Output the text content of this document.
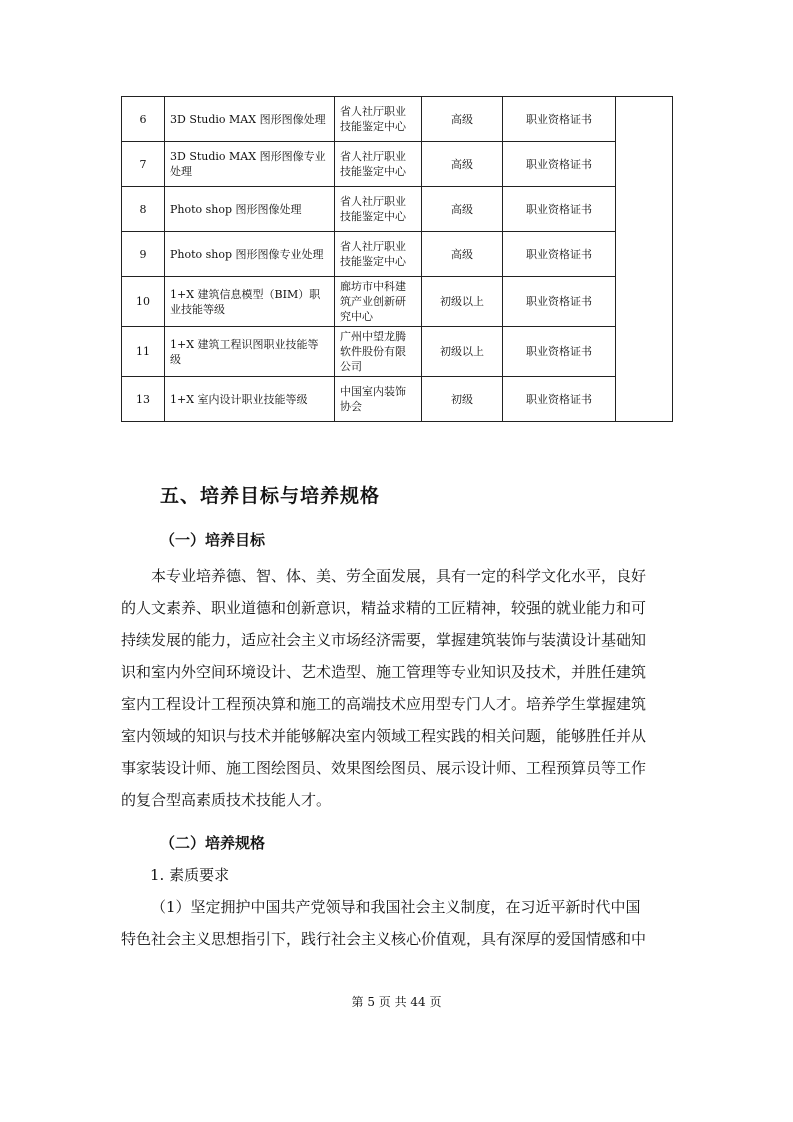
6	3D Studio MAX 图形图像处理	省人社厅职业技能鉴定中心	高级	职业资格证书	
7	3D Studio MAX 图形图像专业处理	省人社厅职业技能鉴定中心	高级	职业资格证书	
8	Photo shop 图形图像处理	省人社厅职业技能鉴定中心	高级	职业资格证书	
9	Photo shop 图形图像专业处理	省人社厅职业技能鉴定中心	高级	职业资格证书	
10	1+X 建筑信息模型（BIM）职业技能等级	廊坊市中科建筑产业创新研究中心	初级以上	职业资格证书	
11	1+X 建筑工程识图职业技能等级	广州中望龙腾软件股份有限公司	初级以上	职业资格证书	
13	1+X 室内设计职业技能等级	中国室内装饰协会	初级	职业资格证书	
五、培养目标与培养规格
（一）培养目标
本专业培养德、智、体、美、劳全面发展，具有一定的科学文化水平，良好
的人文素养、职业道德和创新意识，精益求精的工匠精神，较强的就业能力和可
持续发展的能力，适应社会主义市场经济需要，掌握建筑装饰与装潢设计基础知
识和室内外空间环境设计、艺术造型、施工管理等专业知识及技术，并胜任建筑
室内工程设计工程预决算和施工的高端技术应用型专门人才。培养学生掌握建筑
室内领域的知识与技术并能够解决室内领域工程实践的相关问题，能够胜任并从
事家装设计师、施工图绘图员、效果图绘图员、展示设计师、工程预算员等工作
的复合型高素质技术技能人才。
（二）培养规格
1. 素质要求
（1）坚定拥护中国共产党领导和我国社会主义制度，在习近平新时代中国
特色社会主义思想指引下，践行社会主义核心价值观，具有深厚的爱国情感和中
第 5 页 共 44 页
